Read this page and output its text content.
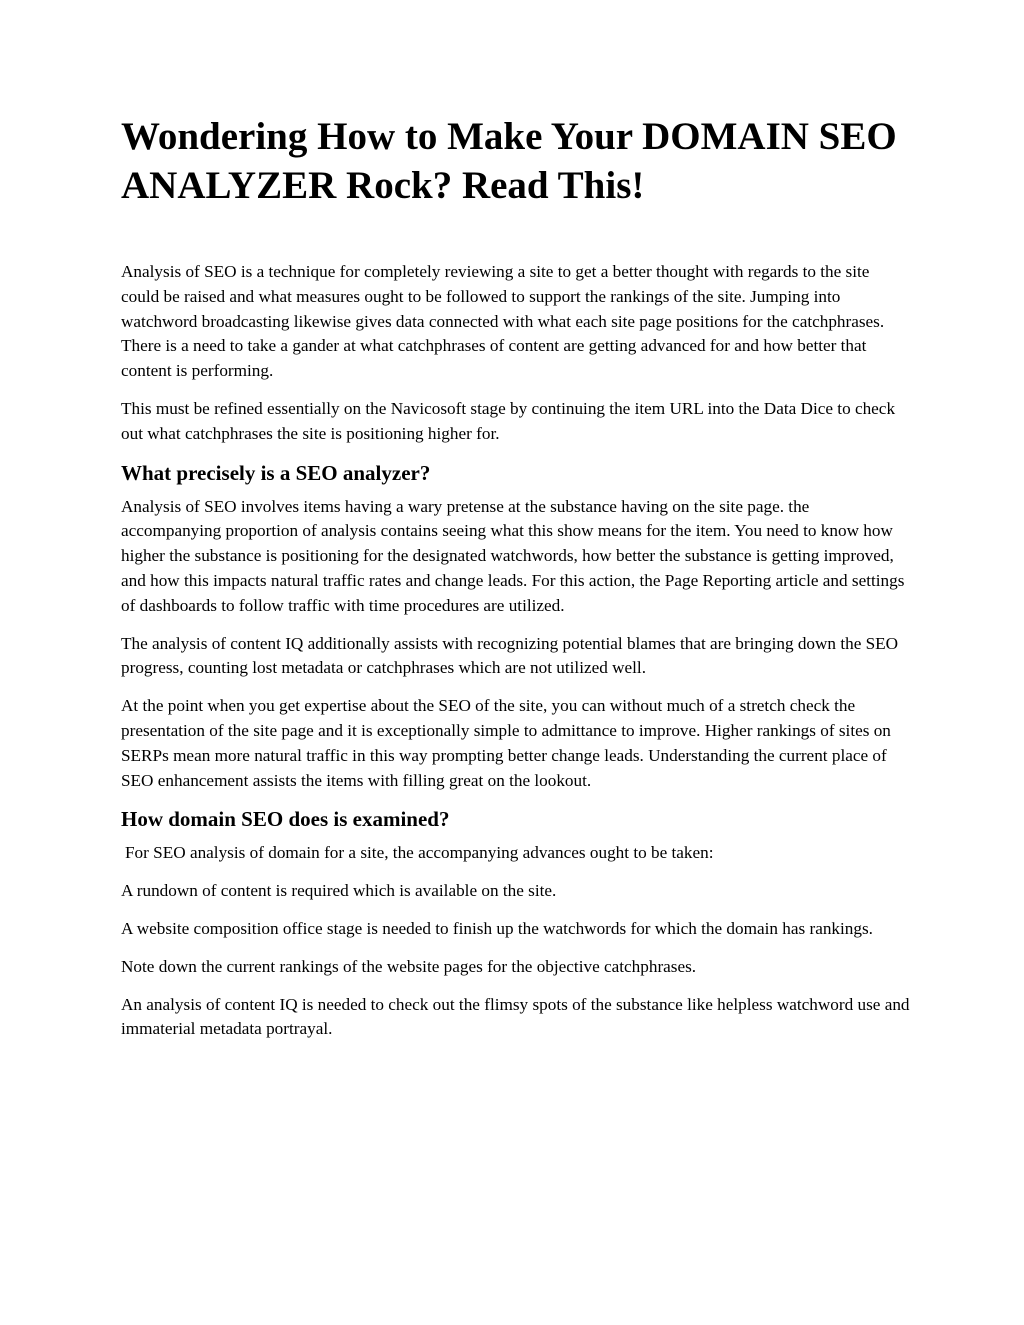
Wondering How to Make Your DOMAIN SEO ANALYZER Rock? Read This!

Analysis of SEO is a technique for completely reviewing a site to get a better thought with regards to the site could be raised and what measures ought to be followed to support the rankings of the site. Jumping into watchword broadcasting likewise gives data connected with what each site page positions for the catchphrases. There is a need to take a gander at what catchphrases of content are getting advanced for and how better that content is performing.

This must be refined essentially on the Navicosoft stage by continuing the item URL into the Data Dice to check out what catchphrases the site is positioning higher for.

What precisely is a SEO analyzer?

Analysis of SEO involves items having a wary pretense at the substance having on the site page. the accompanying proportion of analysis contains seeing what this show means for the item. You need to know how higher the substance is positioning for the designated watchwords, how better the substance is getting improved, and how this impacts natural traffic rates and change leads. For this action, the Page Reporting article and settings of dashboards to follow traffic with time procedures are utilized.

The analysis of content IQ additionally assists with recognizing potential blames that are bringing down the SEO progress, counting lost metadata or catchphrases which are not utilized well.

At the point when you get expertise about the SEO of the site, you can without much of a stretch check the presentation of the site page and it is exceptionally simple to admittance to improve. Higher rankings of sites on SERPs mean more natural traffic in this way prompting better change leads. Understanding the current place of SEO enhancement assists the items with filling great on the lookout.

How domain SEO does is examined?

For SEO analysis of domain for a site, the accompanying advances ought to be taken:

A rundown of content is required which is available on the site.

A website composition office stage is needed to finish up the watchwords for which the domain has rankings.

Note down the current rankings of the website pages for the objective catchphrases.

An analysis of content IQ is needed to check out the flimsy spots of the substance like helpless watchword use and immaterial metadata portrayal.
